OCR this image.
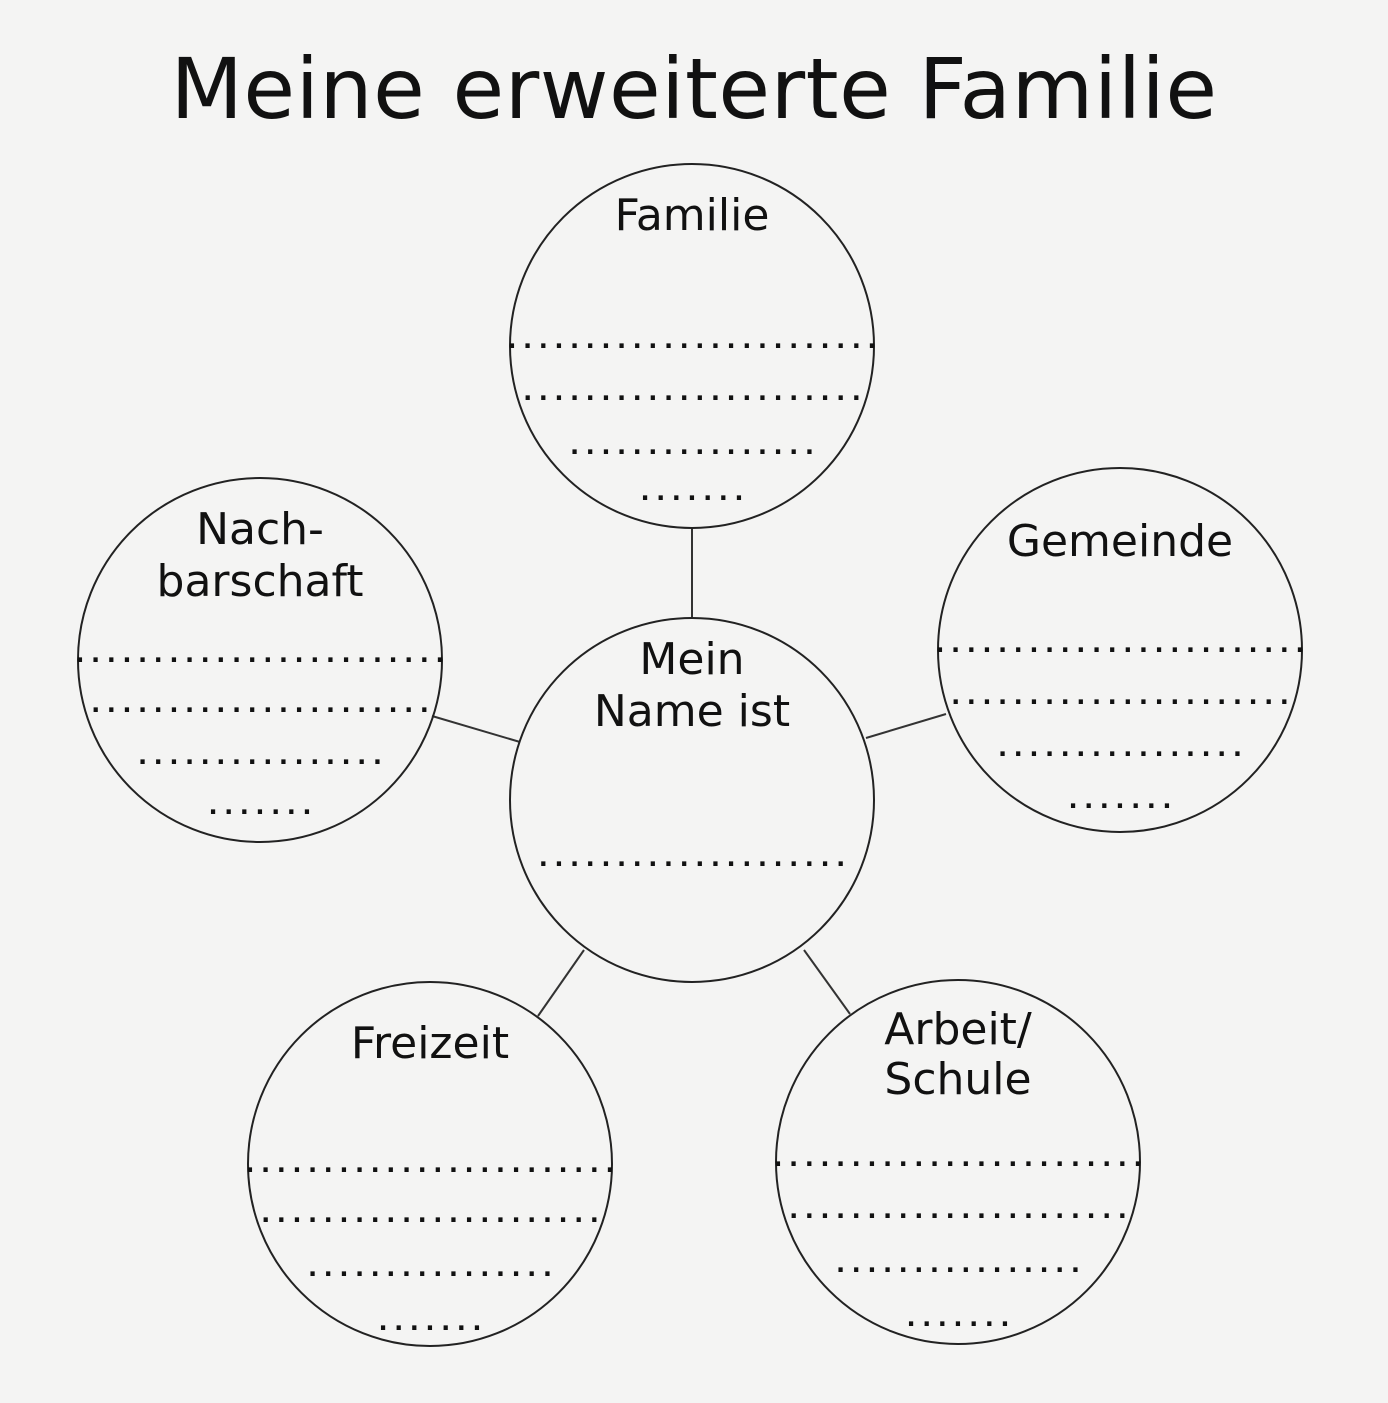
Meine erweiterte Familie
Familie
........................
......................
................
.......
Mein
Name ist
....................
Nach-
barschaft
........................
......................
................
.......
Gemeinde
........................
......................
................
.......
Freizeit
........................
......................
................
.......
Arbeit/
Schule
........................
......................
................
.......
